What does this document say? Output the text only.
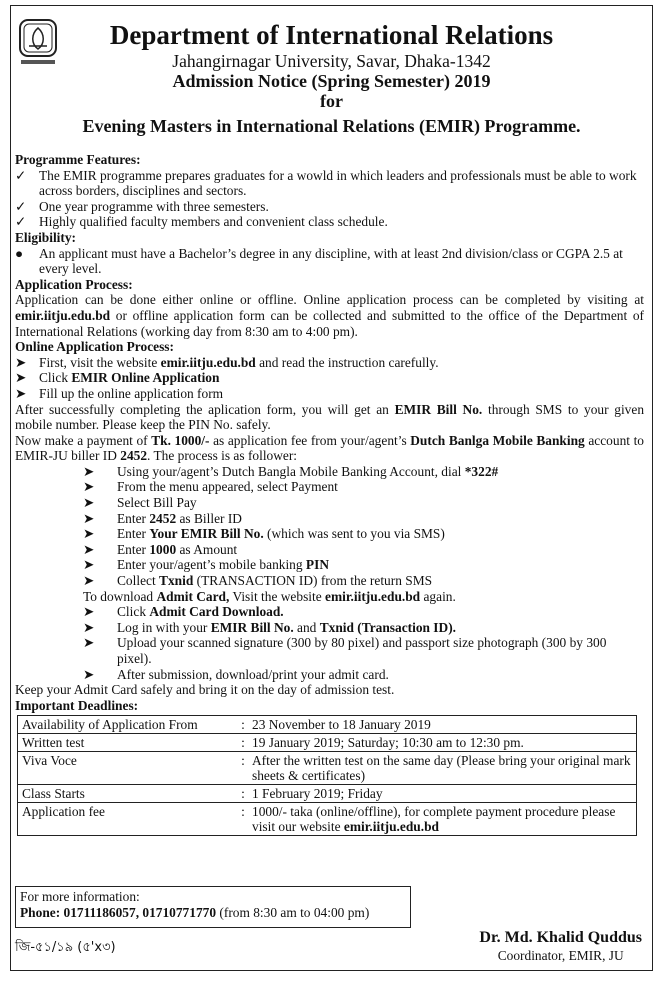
Department of International Relations
Jahangirnagar University, Savar, Dhaka-1342
Admission Notice (Spring Semester) 2019
for
Evening Masters in International Relations (EMIR) Programme.
Programme Features:
✓ The EMIR programme prepares graduates for a wowld in which leaders and professionals must be able to work across borders, disciplines and sectors.
✓ One year programme with three semesters.
✓ Highly qualified faculty members and convenient class schedule.
Eligibility:
●	An applicant must have a Bachelor’s degree in any discipline, with at least 2nd division/class or CGPA 2.5 at every level.
Application Process:
Application can be done either online or offline. Online application process can be completed by visiting at emir.iitju.edu.bd or offline application form can be collected and submitted to the office of the Department of International Relations (working day from 8:30 am to 4:00 pm).
Online Application Process:
➤ First, visit the website emir.iitju.edu.bd and read the instruction carefully.
➤ Click EMIR Online Application
➤ Fill up the online application form
After successfully completing the aplication form, you will get an EMIR Bill No. through SMS to your given mobile number. Please keep the PIN No. safely.
Now make a payment of Tk. 1000/- as application fee from your/agent’s Dutch Banlga Mobile Banking account to EMIR-JU biller ID 2452. The process is as follower:
➤ Using your/agent’s Dutch Bangla Mobile Banking Account, dial *322#
➤ From the menu appeared, select Payment
➤ Select Bill Pay
➤ Enter 2452 as Biller ID
➤ Enter Your EMIR Bill No. (which was sent to you via SMS)
➤ Enter 1000 as Amount
➤ Enter your/agent’s mobile banking PIN
➤ Collect Txnid (TRANSACTION ID) from the return SMS
To download Admit Card, Visit the website emir.iitju.edu.bd again.
➤ Click Admit Card Download.
➤ Log in with your EMIR Bill No. and Txnid (Transaction ID).
➤ Upload your scanned signature (300 by 80 pixel) and passport size photograph (300 by 300 pixel).
➤ After submission, download/print your admit card.
Keep your Admit Card safely and bring it on the day of admission test.
Important Deadlines:
Availability of Application From	:	23 November to 18 January 2019
Written test	:	19 January 2019; Saturday; 10:30 am to 12:30 pm.
Viva Voce	:	After the written test on the same day (Please bring your original mark sheets & certificates)
Class Starts	:	1 February 2019; Friday
Application fee	:	1000/- taka (online/offline), for complete payment procedure please visit our website emir.iitju.edu.bd
For more information:
Phone: 01711186057, 01710771770 (from 8:30 am to 04:00 pm)
জি-৫১/১৯ (৫'x৩)
Dr. Md. Khalid Quddus
Coordinator, EMIR, JU
